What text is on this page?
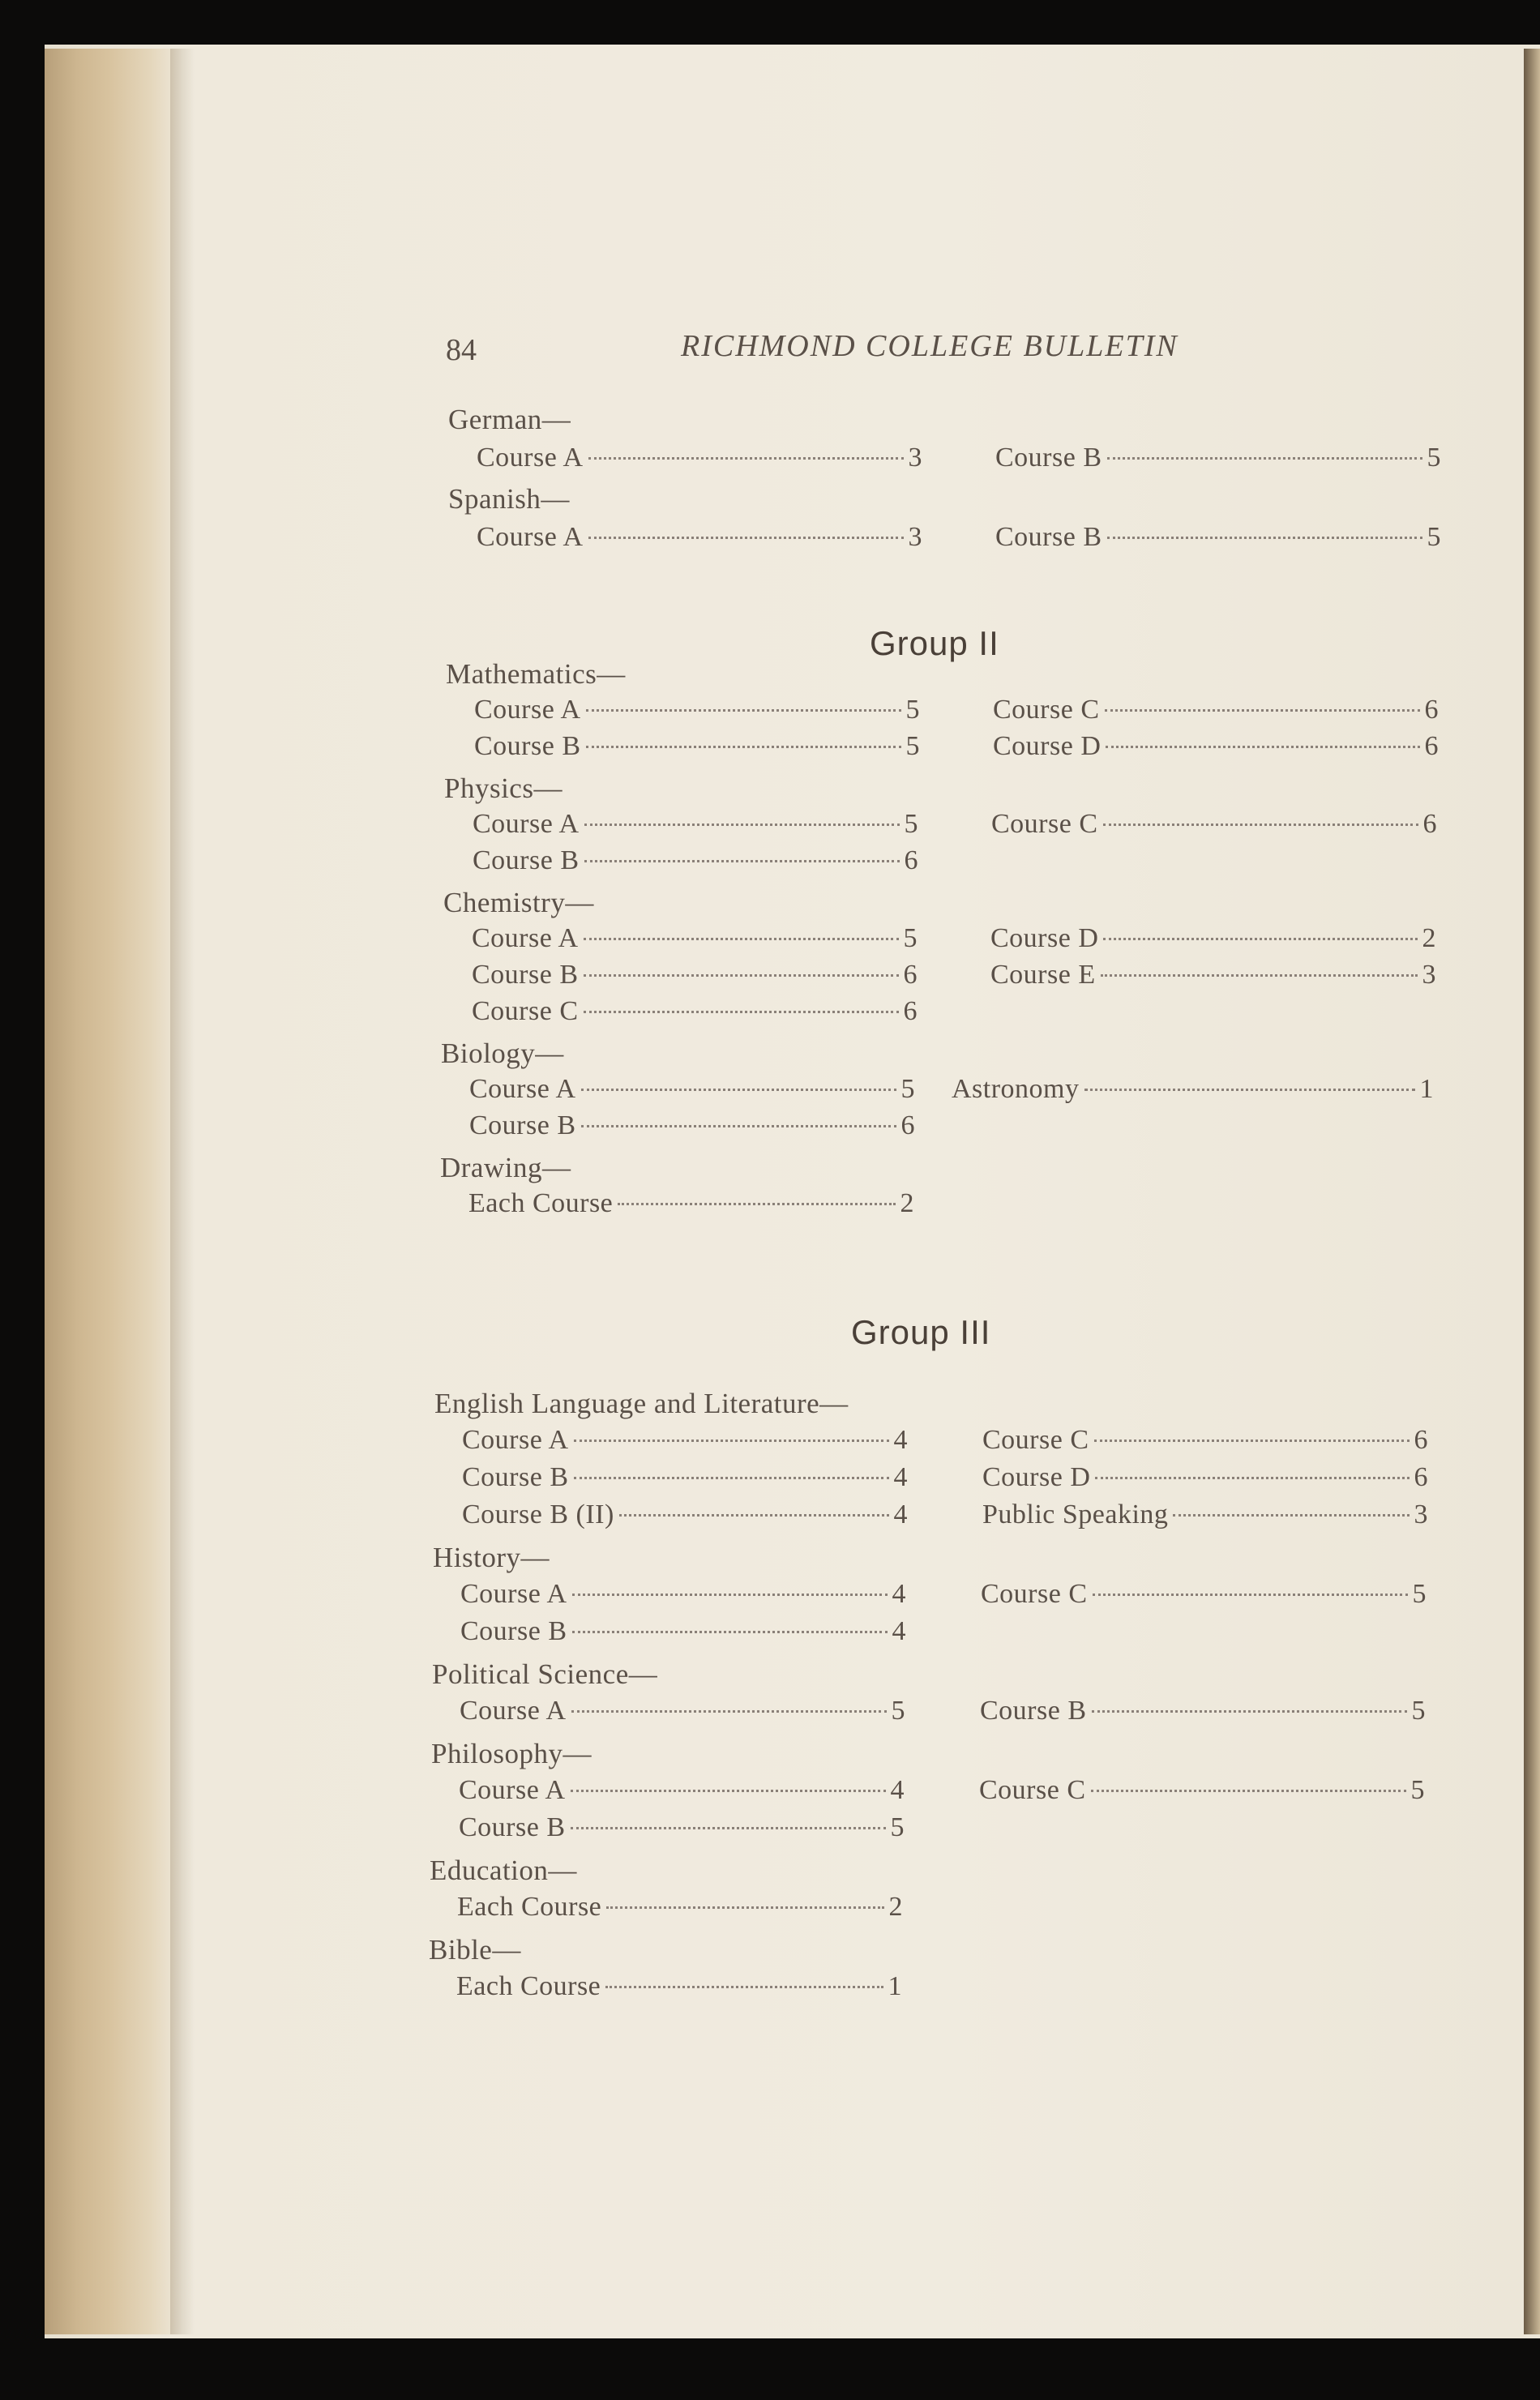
84	RICHMOND COLLEGE BULLETIN
Group II
Group III
German—
Course A	3	Course B	5
Spanish—
Course A	3	Course B	5
Mathematics—
Course A	5
Course B	5
Course C	6
Course D	6
Physics—
Course A	5
Course B	6
Course C	6
Chemistry—
Course A	5
Course B	6
Course C	6
Course D	2
Course E	3
Biology—
Course A	5
Course B	6
Astronomy	1
Drawing—
Each Course	2
English Language and Literature—
Course A	4
Course B	4
Course B (II)	4
Course C	6
Course D	6
Public Speaking	3
History—
Course A	4
Course B	4
Course C	5
Political Science—
Course A	5	Course B	5
Philosophy—
Course A	4
Course B	5
Course C	5
Education—
Each Course	2
Bible—
Each Course	1
